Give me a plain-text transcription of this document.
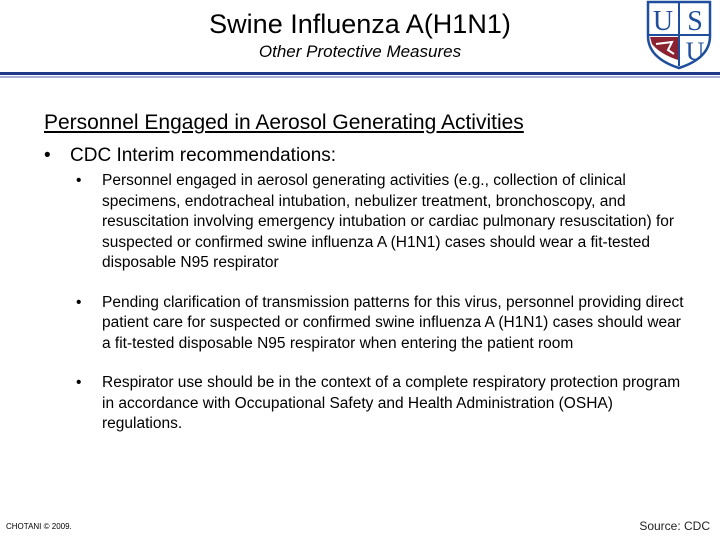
Swine Influenza A(H1N1)
Other Protective Measures
U S
U
Personnel Engaged in Aerosol Generating Activities
• CDC Interim recommendations:
• Personnel engaged in aerosol generating activities (e.g., collection of clinical specimens, endotracheal intubation, nebulizer treatment, bronchoscopy, and resuscitation involving emergency intubation or cardiac pulmonary resuscitation) for suspected or confirmed swine influenza A (H1N1) cases should wear a fit-tested disposable N95 respirator
• Pending clarification of transmission patterns for this virus, personnel providing direct patient care for suspected or confirmed swine influenza A (H1N1) cases should wear a fit-tested disposable N95 respirator when entering the patient room
• Respirator use should be in the context of a complete respiratory protection program in accordance with Occupational Safety and Health Administration (OSHA) regulations.
CHOTANI © 2009.	Source: CDC
